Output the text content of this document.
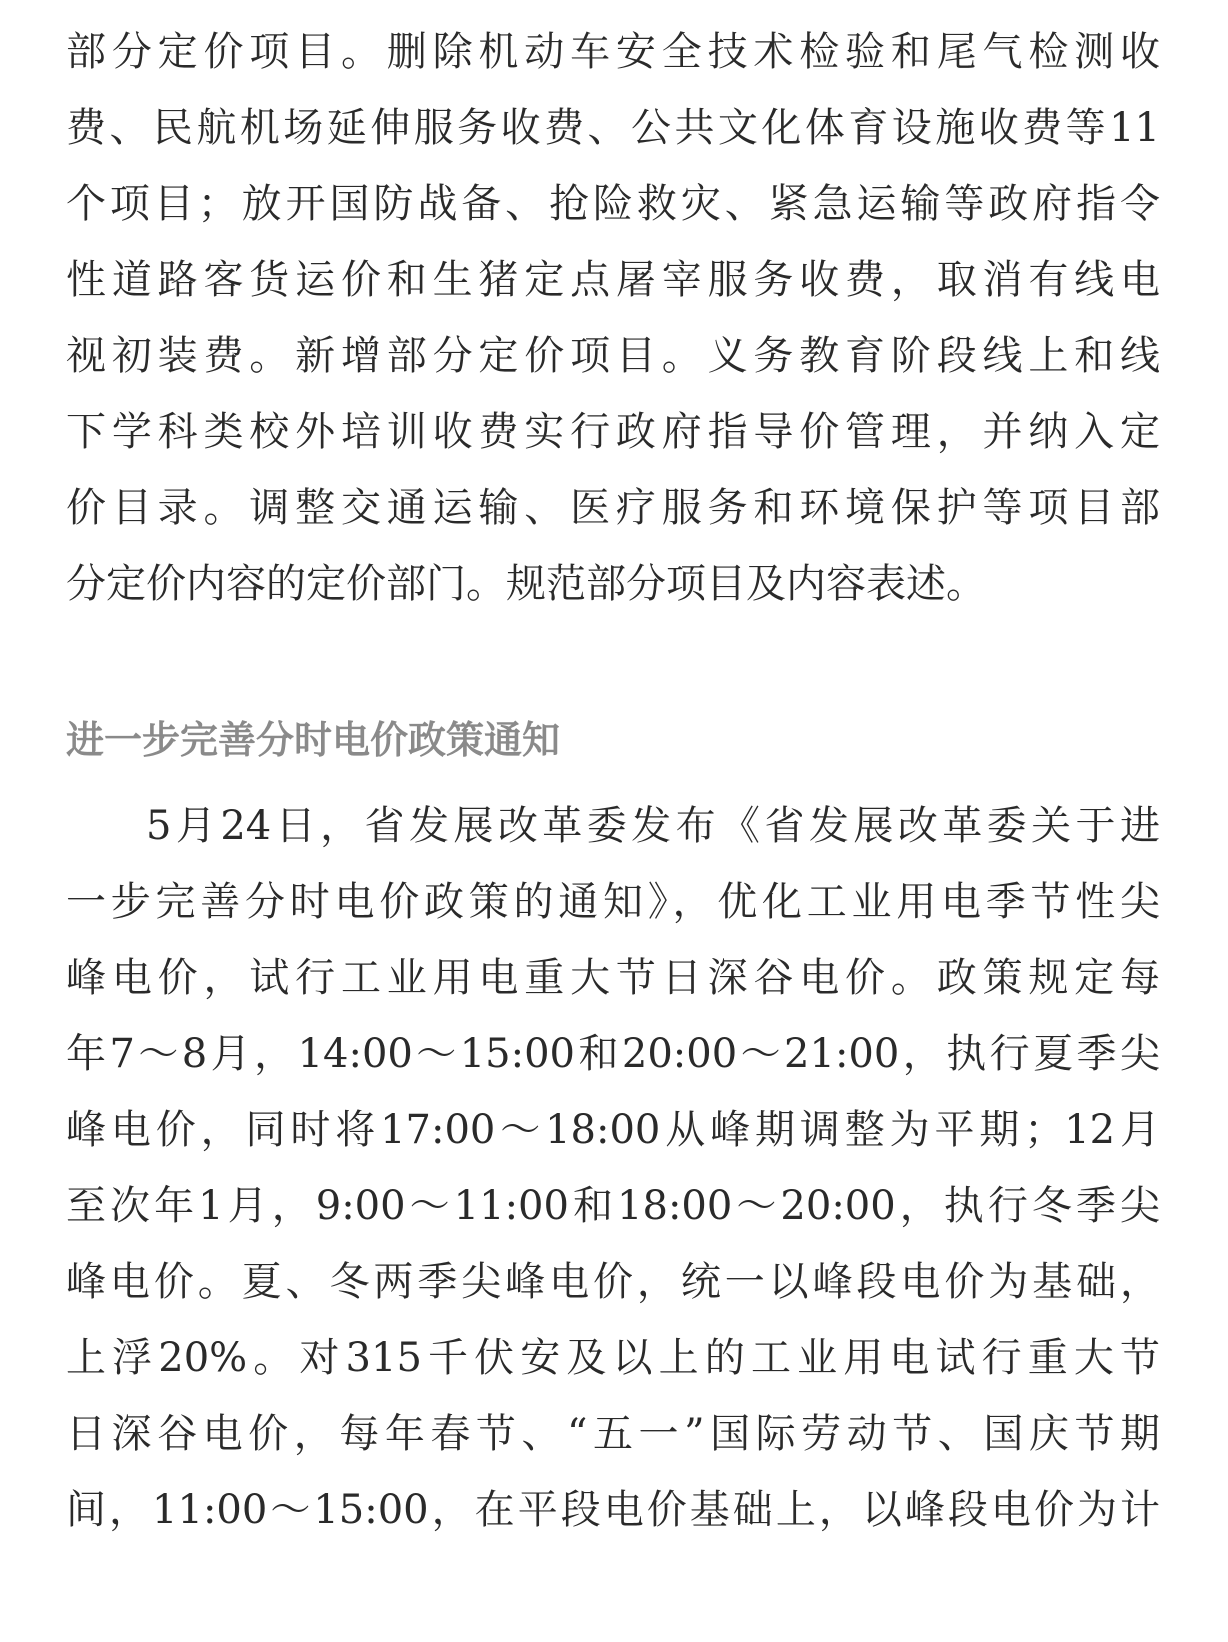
部分定价项目。删除机动车安全技术检验和尾气检测收
费、民航机场延伸服务收费、公共文化体育设施收费等11
个项目；放开国防战备、抢险救灾、紧急运输等政府指令
性道路客货运价和生猪定点屠宰服务收费，取消有线电
视初装费。新增部分定价项目。义务教育阶段线上和线
下学科类校外培训收费实行政府指导价管理，并纳入定
价目录。调整交通运输、医疗服务和环境保护等项目部
分定价内容的定价部门。规范部分项目及内容表述。
进一步完善分时电价政策通知
5月24日，省发展改革委发布《省发展改革委关于进
一步完善分时电价政策的通知》，优化工业用电季节性尖
峰电价，试行工业用电重大节日深谷电价。政策规定每
年7～8月，14:00～15:00和20:00～21:00，执行夏季尖
峰电价，同时将17:00～18:00从峰期调整为平期；12月
至次年1月，9:00～11:00和18:00～20:00，执行冬季尖
峰电价。夏、冬两季尖峰电价，统一以峰段电价为基础，
上浮20%。对315千伏安及以上的工业用电试行重大节
日深谷电价，每年春节、“五一”国际劳动节、国庆节期
间，11:00～15:00，在平段电价基础上，以峰段电价为计
